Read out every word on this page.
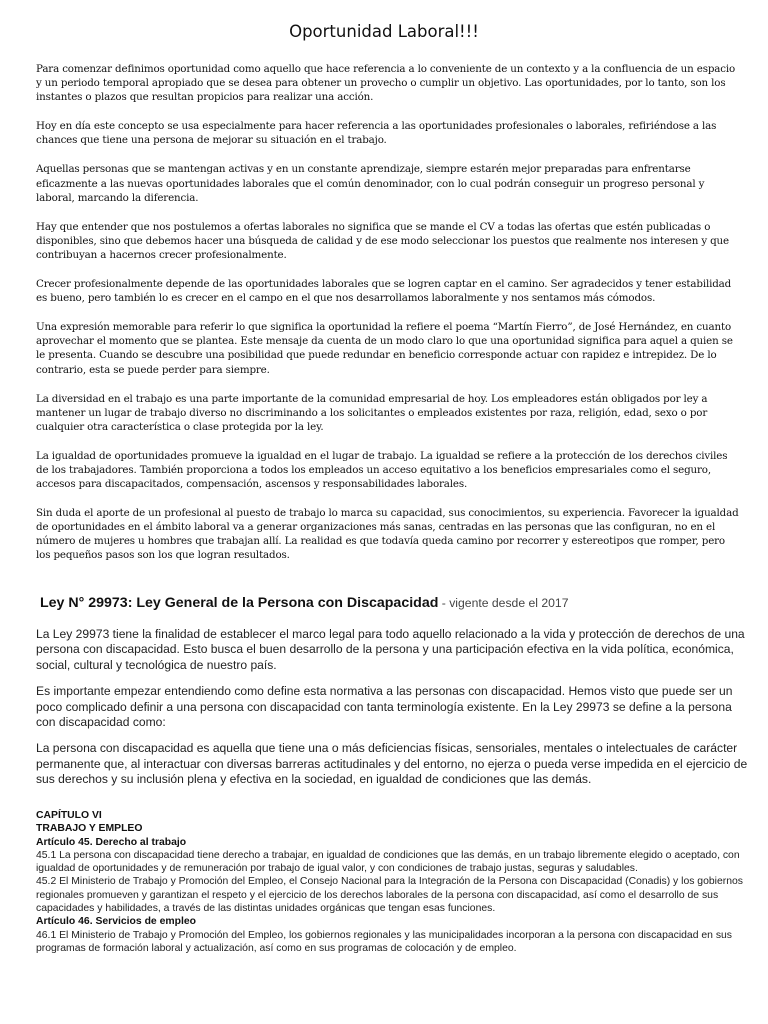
Oportunidad Laboral!!!

Para comenzar definimos oportunidad como aquello que hace referencia a lo conveniente de un contexto y a la confluencia de un espacio y un periodo temporal apropiado que se desea para obtener un provecho o cumplir un objetivo. Las oportunidades, por lo tanto, son los instantes o plazos que resultan propicios para realizar una acción.

Hoy en día este concepto se usa especialmente para hacer referencia a las oportunidades profesionales o laborales, refiriéndose a las chances que tiene una persona de mejorar su situación en el trabajo.

Aquellas personas que se mantengan activas y en un constante aprendizaje, siempre estarén mejor preparadas para enfrentarse eficazmente a las nuevas oportunidades laborales que el común denominador, con lo cual podrán conseguir un progreso personal y laboral, marcando la diferencia.

Hay que entender que nos postulemos a ofertas laborales no significa que se mande el CV a todas las ofertas que estén publicadas o disponibles, sino que debemos hacer una búsqueda de calidad y de ese modo seleccionar los puestos que realmente nos interesen y que contribuyan a hacernos crecer profesionalmente.

Crecer profesionalmente depende de las oportunidades laborales que se logren captar en el camino. Ser agradecidos y tener estabilidad es bueno, pero también lo es crecer en el campo en el que nos desarrollamos laboralmente y nos sentamos más cómodos.

Una expresión memorable para referir lo que significa la oportunidad la refiere el poema “Martín Fierro”, de José Hernández, en cuanto aprovechar el momento que se plantea. Este mensaje da cuenta de un modo claro lo que una oportunidad significa para aquel a quien se le presenta. Cuando se descubre una posibilidad que puede redundar en beneficio corresponde actuar con rapidez e intrepidez. De lo contrario, esta se puede perder para siempre.

La diversidad en el trabajo es una parte importante de la comunidad empresarial de hoy. Los empleadores están obligados por ley a mantener un lugar de trabajo diverso no discriminando a los solicitantes o empleados existentes por raza, religión, edad, sexo o por cualquier otra característica o clase protegida por la ley.

La igualdad de oportunidades promueve la igualdad en el lugar de trabajo. La igualdad se refiere a la protección de los derechos civiles de los trabajadores. También proporciona a todos los empleados un acceso equitativo a los beneficios empresariales como el seguro, accesos para discapacitados, compensación, ascensos y responsabilidades laborales.

Sin duda el aporte de un profesional al puesto de trabajo lo marca su capacidad, sus conocimientos, su experiencia. Favorecer la igualdad de oportunidades en el ámbito laboral va a generar organizaciones más sanas, centradas en las personas que las configuran, no en el número de mujeres u hombres que trabajan allí. La realidad es que todavía queda camino por recorrer y estereotipos que romper, pero los pequeños pasos son los que logran resultados.

Ley N° 29973: Ley General de la Persona con Discapacidad - vigente desde el 2017

La Ley 29973 tiene la finalidad de establecer el marco legal para todo aquello relacionado a la vida y protección de derechos de una persona con discapacidad. Esto busca el buen desarrollo de la persona y una participación efectiva en la vida política, económica, social, cultural y tecnológica de nuestro país.

Es importante empezar entendiendo como define esta normativa a las personas con discapacidad. Hemos visto que puede ser un poco complicado definir a una persona con discapacidad con tanta terminología existente. En la Ley 29973 se define a la persona con discapacidad como:

La persona con discapacidad es aquella que tiene una o más deficiencias físicas, sensoriales, mentales o intelectuales de carácter permanente que, al interactuar con diversas barreras actitudinales y del entorno, no ejerza o pueda verse impedida en el ejercicio de sus derechos y su inclusión plena y efectiva en la sociedad, en igualdad de condiciones que las demás.

CAPÍTULO VI
TRABAJO Y EMPLEO
Artículo 45. Derecho al trabajo
45.1 La persona con discapacidad tiene derecho a trabajar, en igualdad de condiciones que las demás, en un trabajo libremente elegido o aceptado, con igualdad de oportunidades y de remuneración por trabajo de igual valor, y con condiciones de trabajo justas, seguras y saludables.
45.2 El Ministerio de Trabajo y Promoción del Empleo, el Consejo Nacional para la Integración de la Persona con Discapacidad (Conadis) y los gobiernos regionales promueven y garantizan el respeto y el ejercicio de los derechos laborales de la persona con discapacidad, así como el desarrollo de sus capacidades y habilidades, a través de las distintas unidades orgánicas que tengan esas funciones.
Artículo 46. Servicios de empleo
46.1 El Ministerio de Trabajo y Promoción del Empleo, los gobiernos regionales y las municipalidades incorporan a la persona con discapacidad en sus programas de formación laboral y actualización, así como en sus programas de colocación y de empleo.
